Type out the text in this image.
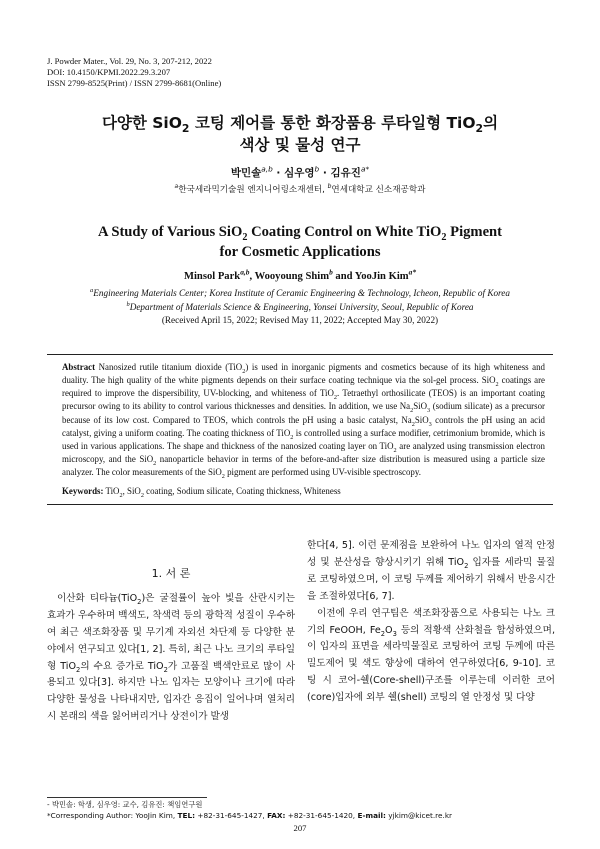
J. Powder Mater., Vol. 29, No. 3, 207-212, 2022
DOI: 10.4150/KPMI.2022.29.3.207
ISSN 2799-8525(Print) / ISSN 2799-8681(Online)
다양한 SiO$_2$ 코팅 제어를 통한 화장품용 루타일형 TiO$_2$의
색상 및 물성 연구
박민솔$^{a,b}$ · 심우영$^b$ · 김유진$^{a*}$
$^a$한국세라믹기술원 엔지니어링소재센터, $^b$연세대학교 신소재공학과
A Study of Various SiO$_2$ Coating Control on White TiO$_2$ Pigment
for Cosmetic Applications
Minsol Park$^{a,b}$, Wooyoung Shim$^b$ and YooJin Kim$^{a*}$
$^a$Engineering Materials Center; Korea Institute of Ceramic Engineering & Technology, Icheon, Republic of Korea
$^b$Department of Materials Science & Engineering, Yonsei University, Seoul, Republic of Korea
(Received April 15, 2022; Revised May 11, 2022; Accepted May 30, 2022)
Abstract Nanosized rutile titanium dioxide (TiO$_2$) is used in inorganic pigments and cosmetics because of its high whiteness and duality. The high quality of the white pigments depends on their surface coating technique via the sol-gel process. SiO$_2$ coatings are required to improve the dispersibility, UV-blocking, and whiteness of TiO$_2$. Tetraethyl orthosilicate (TEOS) is an important coating precursor owing to its ability to control various thicknesses and densities. In addition, we use $Na_2SiO_3$ (sodium silicate) as a precursor because of its low cost. Compared to TEOS, which controls the pH using a basic catalyst, $Na_2SiO_3$ controls the pH using an acid catalyst, giving a uniform coating. The coating thickness of TiO$_2$ is controlled using a surface modifier, cetrimonium bromide, which is used in various applications. The shape and thickness of the nanosized coating layer on TiO$_2$ are analyzed using transmission electron microscopy, and the SiO$_2$ nanoparticle behavior in terms of the before-and-after size distribution is measured using a particle size analyzer. The color measurements of the SiO$_2$ pigment are performed using UV-visible spectroscopy.
Keywords: TiO$_2$, SiO$_2$ coating, Sodium silicate, Coating thickness, Whiteness
1. 서 론

이산화 티타늄(TiO$_2$)은 굴절률이 높아 빛을 산란시키는 효과가 우수하며 백색도, 착색력 등의 광학적 성질이 우수하여 최근 색조화장품 및 무기계 자외선 차단제 등 다양한 분야에서 연구되고 있다[1, 2]. 특히, 최근 나노 크기의 루타일형 TiO$_2$의 수요 증가로 TiO$_2$가 고품질 백색안료로 많이 사용되고 있다[3]. 하지만 나노 입자는 모양이나 크기에 따라 다양한 물성을 나타내지만, 입자간 응집이 일어나며 열처리시 본래의 색을 잃어버리거나 상전이가 발생

한다[4, 5]. 이런 문제점을 보완하여 나노 입자의 열적 안정성 및 분산성을 향상시키기 위해 TiO$_2$ 입자를 세라믹 물질로 코팅하였으며, 이 코팅 두께를 제어하기 위해서 반응시간을 조절하였다[6, 7].

이전에 우리 연구팀은 색조화장품으로 사용되는 나노 크기의 FeOOH, $Fe_2O_3$ 등의 적황색 산화철을 합성하였으며, 이 입자의 표면을 세라믹물질로 코팅하여 코팅 두께에 따른 밀도제어 및 색도 향상에 대하여 연구하였다[6, 9-10]. 코팅 시 코어-쉘(Core-shell)구조를 이루는데 이러한 코어(core)입자에 외부 쉘(shell) 코팅의 열 안정성 및 다양

- 박민솔: 학생, 심우영: 교수, 김유진: 책임연구원
*Corresponding Author: YooJin Kim, TEL: +82-31-645-1427, FAX: +82-31-645-1420, E-mail: yjkim@kicet.re.kr
207
